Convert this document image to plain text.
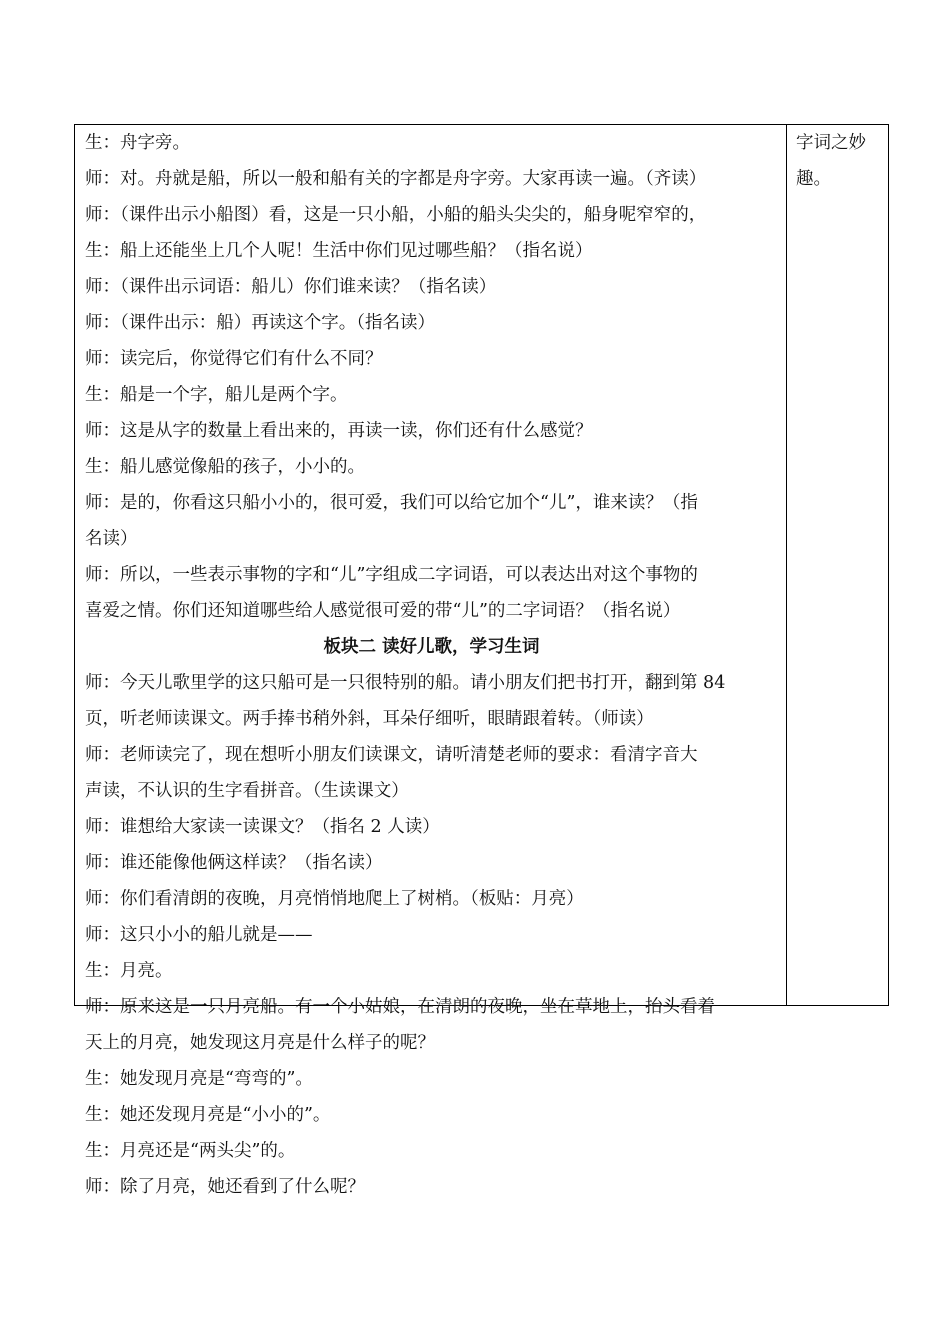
生：舟字旁。
师：对。舟就是船，所以一般和船有关的字都是舟字旁。大家再读一遍。（齐读）
师：（课件出示小船图）看，这是一只小船，小船的船头尖尖的，船身呢窄窄的，
生：船上还能坐上几个人呢！生活中你们见过哪些船？（指名说）
师：（课件出示词语：船儿）你们谁来读？（指名读）
师：（课件出示：船）再读这个字。（指名读）
师：读完后，你觉得它们有什么不同？
生：船是一个字，船儿是两个字。
师：这是从字的数量上看出来的，再读一读，你们还有什么感觉？
生：船儿感觉像船的孩子，小小的。
师：是的，你看这只船小小的，很可爱，我们可以给它加个“儿”，谁来读？（指
名读）
师：所以，一些表示事物的字和“儿”字组成二字词语，可以表达出对这个事物的
喜爱之情。你们还知道哪些给人感觉很可爱的带“儿”的二字词语？（指名说）
板块二 读好儿歌，学习生词
师：今天儿歌里学的这只船可是一只很特别的船。请小朋友们把书打开，翻到第 84
页，听老师读课文。两手捧书稍外斜，耳朵仔细听，眼睛跟着转。（师读）
师：老师读完了，现在想听小朋友们读课文，请听清楚老师的要求：看清字音大
声读，不认识的生字看拼音。（生读课文）
师：谁想给大家读一读课文？（指名 2 人读）
师：谁还能像他俩这样读？（指名读）
师：你们看清朗的夜晚，月亮悄悄地爬上了树梢。（板贴：月亮）
师：这只小小的船儿就是——
生：月亮。
师：原来这是一只月亮船。有一个小姑娘，在清朗的夜晚，坐在草地上，抬头看着
天上的月亮，她发现这月亮是什么样子的呢？
生：她发现月亮是“弯弯的”。
生：她还发现月亮是“小小的”。
生：月亮还是“两头尖”的。
师：除了月亮，她还看到了什么呢？
字词之妙
趣。
